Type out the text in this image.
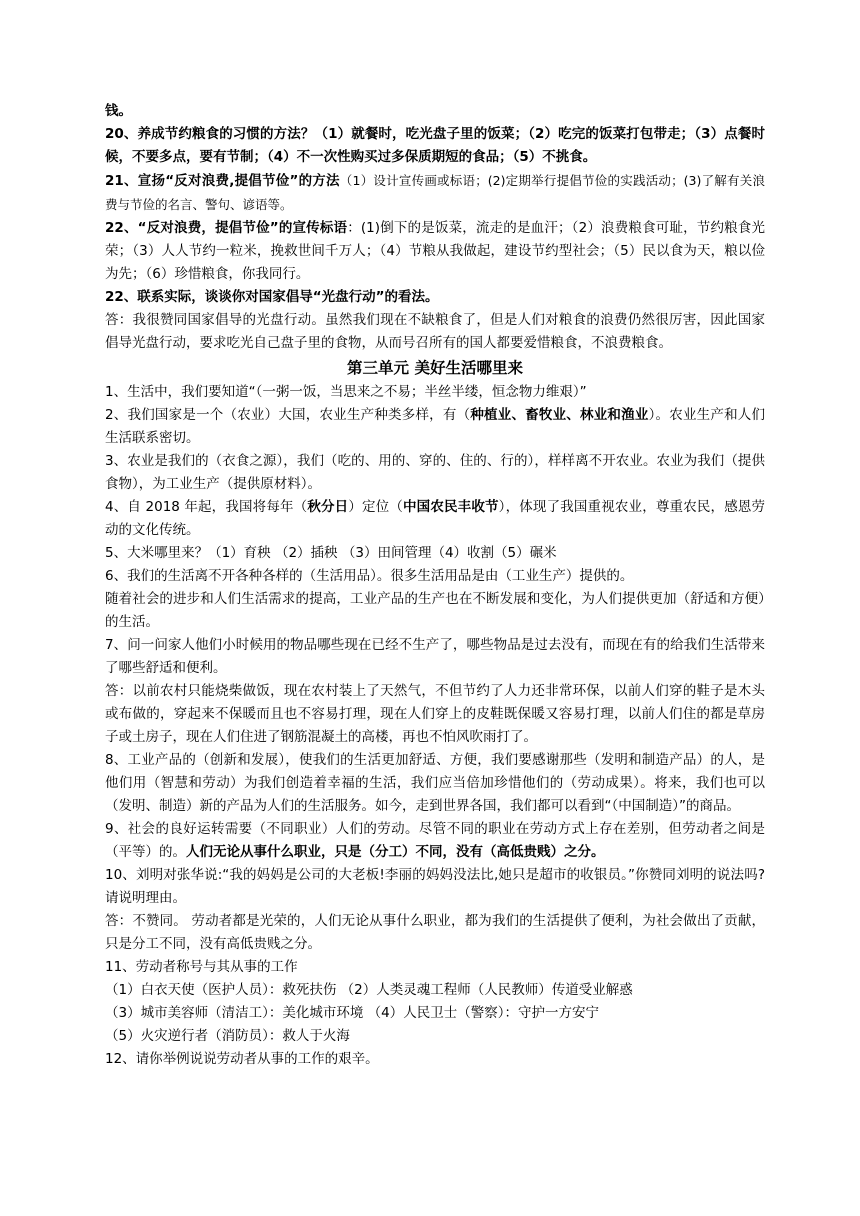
钱。

20、养成节约粮食的习惯的方法？（1）就餐时，吃光盘子里的饭菜；（2）吃完的饭菜打包带走；（3）点餐时候，不要多点，要有节制；（4）不一次性购买过多保质期短的食品；（5）不挑食。

21、宣扬“反对浪费,提倡节俭”的方法（1）设计宣传画或标语；(2)定期举行提倡节俭的实践活动；(3)了解有关浪费与节俭的名言、警句、谚语等。

22、“反对浪费，提倡节俭”的宣传标语：(1)倒下的是饭菜，流走的是血汗；（2）浪费粮食可耻，节约粮食光荣；（3）人人节约一粒米，挽救世间千万人；（4）节粮从我做起，建设节约型社会；（5）民以食为天，粮以俭为先；（6）珍惜粮食，你我同行。

22、联系实际，谈谈你对国家倡导“光盘行动”的看法。

答：我很赞同国家倡导的光盘行动。虽然我们现在不缺粮食了，但是人们对粮食的浪费仍然很厉害，因此国家倡导光盘行动，要求吃光自己盘子里的食物，从而号召所有的国人都要爱惜粮食，不浪费粮食。

第三单元 美好生活哪里来

1、生活中，我们要知道“（一粥一饭，当思来之不易；半丝半缕，恒念物力维艰）”

2、我们国家是一个（农业）大国，农业生产种类多样，有（种植业、畜牧业、林业和渔业）。农业生产和人们生活联系密切。

3、农业是我们的（衣食之源），我们（吃的、用的、穿的、住的、行的），样样离不开农业。农业为我们（提供食物），为工业生产（提供原材料）。

4、自 2018 年起，我国将每年（秋分日）定位（中国农民丰收节），体现了我国重视农业，尊重农民，感恩劳动的文化传统。

5、大米哪里来？（1）育秧 （2）插秧 （3）田间管理（4）收割（5）碾米

6、我们的生活离不开各种各样的（生活用品）。很多生活用品是由（工业生产）提供的。

随着社会的进步和人们生活需求的提高，工业产品的生产也在不断发展和变化，为人们提供更加（舒适和方便）的生活。

7、问一问家人他们小时候用的物品哪些现在已经不生产了，哪些物品是过去没有，而现在有的给我们生活带来了哪些舒适和便利。

答：以前农村只能烧柴做饭，现在农村装上了天然气，不但节约了人力还非常环保，以前人们穿的鞋子是木头或布做的，穿起来不保暖而且也不容易打理，现在人们穿上的皮鞋既保暖又容易打理，以前人们住的都是草房子或土房子，现在人们住进了钢筋混凝土的高楼，再也不怕风吹雨打了。

8、工业产品的（创新和发展），使我们的生活更加舒适、方便，我们要感谢那些（发明和制造产品）的人，是他们用（智慧和劳动）为我们创造着幸福的生活，我们应当倍加珍惜他们的（劳动成果）。将来，我们也可以（发明、制造）新的产品为人们的生活服务。如今，走到世界各国，我们都可以看到“（中国制造）”的商品。

9、社会的良好运转需要（不同职业）人们的劳动。尽管不同的职业在劳动方式上存在差别，但劳动者之间是（平等）的。人们无论从事什么职业，只是（分工）不同，没有（高低贵贱）之分。

10、刘明对张华说:“我的妈妈是公司的大老板!李丽的妈妈没法比,她只是超市的收银员。”你赞同刘明的说法吗?请说明理由。

答：不赞同。 劳动者都是光荣的，人们无论从事什么职业，都为我们的生活提供了便利，为社会做出了贡献，只是分工不同，没有高低贵贱之分。

11、劳动者称号与其从事的工作

（1）白衣天使（医护人员）：救死扶伤 （2）人类灵魂工程师（人民教师）传道受业解惑

（3）城市美容师（清洁工）：美化城市环境 （4）人民卫士（警察）：守护一方安宁

（5）火灾逆行者（消防员）：救人于火海

12、请你举例说说劳动者从事的工作的艰辛。
